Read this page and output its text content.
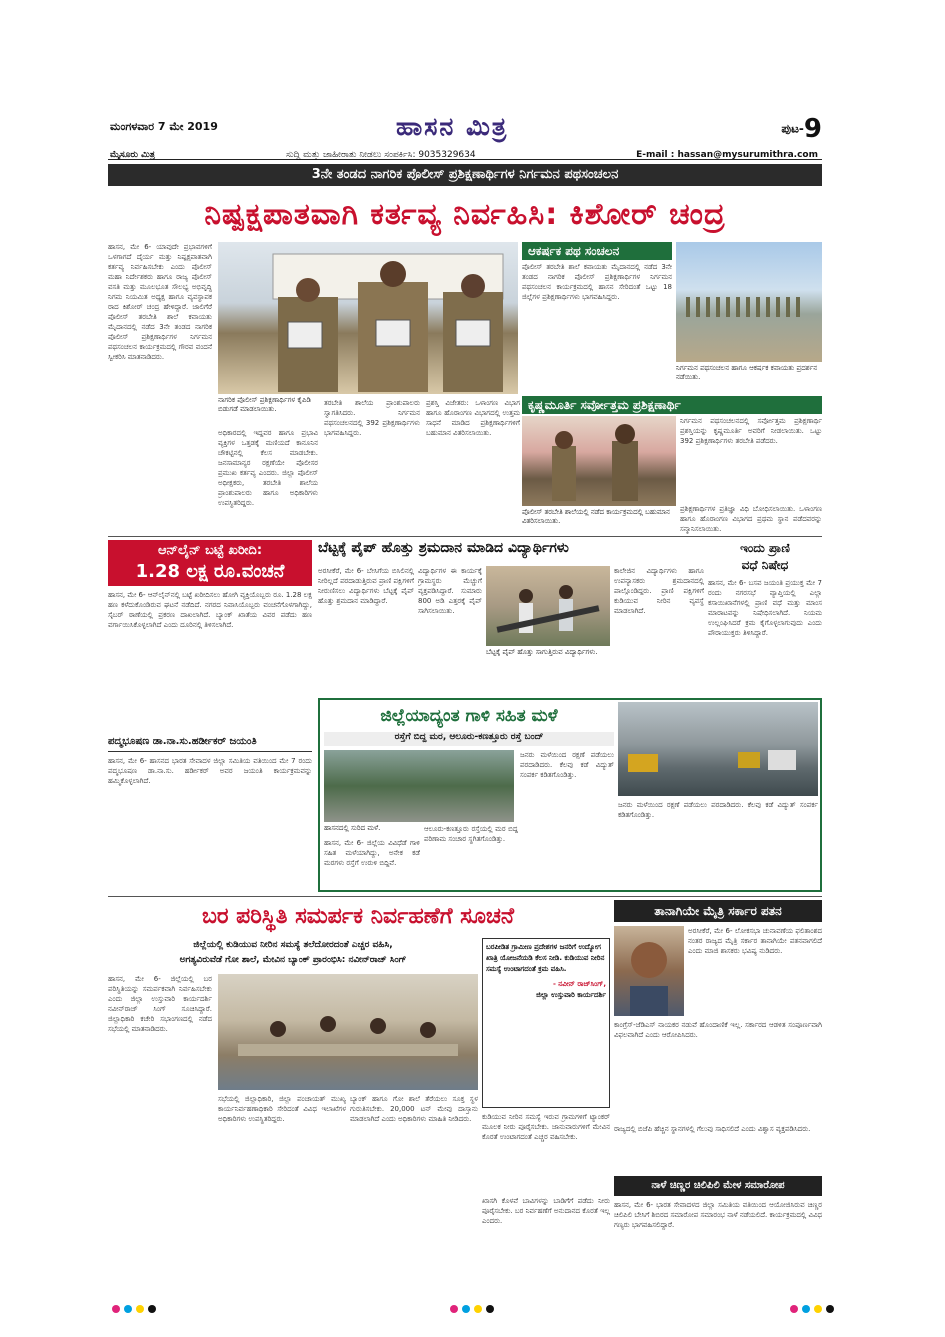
ಮಂಗಳವಾರ 7 ಮೇ 2019	ಹಾಸನ ಮಿತ್ರ	ಪುಟ-9
ಮೈಸೂರು ಮಿತ್ರ	ಸುದ್ದಿ ಮತ್ತು ಜಾಹೀರಾತು ನೀಡಲು ಸಂಪರ್ಕಿಸಿ: 9035329634	E-mail : hassan@mysurumithra.com
3ನೇ ತಂಡದ ನಾಗರಿಕ ಪೊಲೀಸ್ ಪ್ರಶಿಕ್ಷಣಾರ್ಥಿಗಳ ನಿರ್ಗಮನ ಪಥಸಂಚಲನ
ನಿಷ್ಪಕ್ಷಪಾತವಾಗಿ ಕರ್ತವ್ಯ ನಿರ್ವಹಿಸಿ: ಕಿಶೋರ್ ಚಂದ್ರ
ಹಾಸನ, ಮೇ 6- ಯಾವುದೇ ಪ್ರಭಾವಗಳಿಗೆ ಒಳಗಾಗದೆ ದೈರ್ಯ ಮತ್ತು ನಿಷ್ಪಕ್ಷಪಾತವಾಗಿ ಕರ್ತವ್ಯ ನಿರ್ವಹಿಸಬೇಕು ಎಂದು ಪೊಲೀಸ್ ಮಹಾ ನಿರ್ದೇಶಕರು ಹಾಗೂ ರಾಜ್ಯ ಪೊಲೀಸ್ ವಸತಿ ಮತ್ತು ಮೂಲಭೂತ ಸೌಲಭ್ಯ ಅಭಿವೃದ್ಧಿ ನಿಗಮ ನಿಯಮಿತ ಅಧ್ಯಕ್ಷ ಹಾಗೂ ವ್ಯವಸ್ಥಾಪಕ ರಾದ ಕಿಶೋರ್ ಚಂದ್ರ ಹೇಳಿದ್ದಾರೆ. ಜಾಲಿಗೆರೆ ಪೊಲೀಸ್ ತರಬೇತಿ ಶಾಲೆ ಕವಾಯತು ಮೈದಾನದಲ್ಲಿ ನಡೆದ 3ನೇ ತಂಡದ ನಾಗರಿಕ ಪೊಲೀಸ್ ಪ್ರಶಿಕ್ಷಣಾರ್ಥಿಗಳ ನಿರ್ಗಮನ ಪಥಸಂಚಲನ ಕಾರ್ಯಕ್ರಮದಲ್ಲಿ ಗೌರವ ವಂದನೆ ಸ್ವೀಕರಿಸಿ ಮಾತನಾಡಿದರು.
ನಾಗರಿಕ ಪೊಲೀಸ್ ಪ್ರಶಿಕ್ಷಣಾರ್ಥಿಗಳ ಕೈಪಿಡಿ ಬಿಡುಗಡೆ ಮಾಡಲಾಯಿತು.
ಅಧಿಕಾರದಲ್ಲಿ ಇದ್ದವರ ಹಾಗೂ ಪ್ರಭಾವಿ ವ್ಯಕ್ತಿಗಳ ಒತ್ತಡಕ್ಕೆ ಮಣಿಯದೆ ಕಾನೂನಿನ ಚೌಕಟ್ಟಿನಲ್ಲಿ ಕೆಲಸ ಮಾಡಬೇಕು. ಜನಸಾಮಾನ್ಯರ ರಕ್ಷಣೆಯೇ ಪೊಲೀಸರ ಪ್ರಮುಖ ಕರ್ತವ್ಯ ಎಂದರು. ಜಿಲ್ಲಾ ಪೊಲೀಸ್ ಅಧೀಕ್ಷಕರು, ತರಬೇತಿ ಶಾಲೆಯ ಪ್ರಾಂಶುಪಾಲರು ಹಾಗೂ ಅಧಿಕಾರಿಗಳು ಉಪಸ್ಥಿತರಿದ್ದರು.
ತರಬೇತಿ ಶಾಲೆಯ ಪ್ರಾಂಶುಪಾಲರು ಸ್ವಾಗತಿಸಿದರು. ನಿರ್ಗಮನ ಪಥಸಂಚಲನದಲ್ಲಿ 392 ಪ್ರಶಿಕ್ಷಣಾರ್ಥಿಗಳು ಭಾಗವಹಿಸಿದ್ದರು.
ಪ್ರಶಸ್ತಿ ವಿಜೇತರು: ಒಳಾಂಗಣ ವಿಭಾಗ ಹಾಗೂ ಹೊರಾಂಗಣ ವಿಭಾಗದಲ್ಲಿ ಉತ್ತಮ ಸಾಧನೆ ಮಾಡಿದ ಪ್ರಶಿಕ್ಷಣಾರ್ಥಿಗಳಿಗೆ ಬಹುಮಾನ ವಿತರಿಸಲಾಯಿತು.
ಆಕರ್ಷಕ ಪಥ ಸಂಚಲನ
ಪೊಲೀಸ್ ತರಬೇತಿ ಶಾಲೆ ಕವಾಯತು ಮೈದಾನದಲ್ಲಿ ನಡೆದ 3ನೇ ತಂಡದ ನಾಗರಿಕ ಪೊಲೀಸ್ ಪ್ರಶಿಕ್ಷಣಾರ್ಥಿಗಳ ನಿರ್ಗಮನ ಪಥಸಂಚಲನ ಕಾರ್ಯಕ್ರಮದಲ್ಲಿ ಹಾಸನ ಸೇರಿದಂತೆ ಒಟ್ಟು 18 ಜಿಲ್ಲೆಗಳ ಪ್ರಶಿಕ್ಷಣಾರ್ಥಿಗಳು ಭಾಗವಹಿಸಿದ್ದರು.
ನಿರ್ಗಮನ ಪಥಸಂಚಲನ ಹಾಗೂ ಆಕರ್ಷಕ ಕವಾಯತು ಪ್ರದರ್ಶನ ನಡೆಯಿತು.
ಕೃಷ್ಣಮೂರ್ತಿ ಸರ್ವೋತ್ತಮ ಪ್ರಶಿಕ್ಷಣಾರ್ಥಿ
ಪೊಲೀಸ್ ತರಬೇತಿ ಶಾಲೆಯಲ್ಲಿ ನಡೆದ ಕಾರ್ಯಕ್ರಮದಲ್ಲಿ ಬಹುಮಾನ ವಿತರಿಸಲಾಯಿತು.
ನಿರ್ಗಮನ ಪಥಸಂಚಲನದಲ್ಲಿ ಸರ್ವೋತ್ತಮ ಪ್ರಶಿಕ್ಷಣಾರ್ಥಿ ಪ್ರಶಸ್ತಿಯನ್ನು ಕೃಷ್ಣಮೂರ್ತಿ ಅವರಿಗೆ ನೀಡಲಾಯಿತು. ಒಟ್ಟು 392 ಪ್ರಶಿಕ್ಷಣಾರ್ಥಿಗಳು ತರಬೇತಿ ಪಡೆದರು.
ಪ್ರಶಿಕ್ಷಣಾರ್ಥಿಗಳ ಪ್ರತಿಜ್ಞಾ ವಿಧಿ ಬೋಧಿಸಲಾಯಿತು. ಒಳಾಂಗಣ ಹಾಗೂ ಹೊರಾಂಗಣ ವಿಭಾಗದ ಪ್ರಥಮ ಸ್ಥಾನ ಪಡೆದವರನ್ನು ಸನ್ಮಾನಿಸಲಾಯಿತು.
ಆನ್‌ಲೈನ್ ಬಟ್ಟೆ ಖರೀದಿ:
1.28 ಲಕ್ಷ ರೂ.ವಂಚನೆ
ಹಾಸನ, ಮೇ 6- ಆನ್‌ಲೈನ್‌ನಲ್ಲಿ ಬಟ್ಟೆ ಖರೀದಿಸಲು ಹೋಗಿ ವ್ಯಕ್ತಿಯೊಬ್ಬರು ರೂ. 1.28 ಲಕ್ಷ ಹಣ ಕಳೆದುಕೊಂಡಿರುವ ಘಟನೆ ನಡೆದಿದೆ. ನಗರದ ನಿವಾಸಿಯೊಬ್ಬರು ವಂಚನೆಗೊಳಗಾಗಿದ್ದು, ಸೈಬರ್ ಠಾಣೆಯಲ್ಲಿ ಪ್ರಕರಣ ದಾಖಲಾಗಿದೆ. ಬ್ಯಾಂಕ್ ಖಾತೆಯ ವಿವರ ಪಡೆದು ಹಣ ವರ್ಗಾಯಿಸಿಕೊಳ್ಳಲಾಗಿದೆ ಎಂದು ದೂರಿನಲ್ಲಿ ತಿಳಿಸಲಾಗಿದೆ.
ಪದ್ಮಭೂಷಣ ಡಾ.ನಾ.ಸು.ಹರ್ಡೀಕರ್ ಜಯಂತಿ
ಹಾಸನ, ಮೇ 6- ಹಾಸನದ ಭಾರತ ಸೇವಾದಳ ಜಿಲ್ಲಾ ಸಮಿತಿಯ ವತಿಯಿಂದ ಮೇ 7 ರಂದು ಪದ್ಮಭೂಷಣ ಡಾ.ನಾ.ಸು. ಹರ್ಡೀಕರ್ ಅವರ ಜಯಂತಿ ಕಾರ್ಯಕ್ರಮವನ್ನು ಹಮ್ಮಿಕೊಳ್ಳಲಾಗಿದೆ.
ಬೆಟ್ಟಕ್ಕೆ ಪೈಪ್ ಹೊತ್ತು ಶ್ರಮದಾನ ಮಾಡಿದ ವಿದ್ಯಾರ್ಥಿಗಳು
ಅರಸೀಕೆರೆ, ಮೇ 6- ಬೇಸಿಗೆಯ ಬಿಸಿಲಿನಲ್ಲಿ ನೀರಿಲ್ಲದೆ ಪರದಾಡುತ್ತಿರುವ ಪ್ರಾಣಿ ಪಕ್ಷಿಗಳಿಗೆ ನೀರುಣಿಸಲು ವಿದ್ಯಾರ್ಥಿಗಳು ಬೆಟ್ಟಕ್ಕೆ ಪೈಪ್ ಹೊತ್ತು ಶ್ರಮದಾನ ಮಾಡಿದ್ದಾರೆ.
ವಿದ್ಯಾರ್ಥಿಗಳ ಈ ಕಾರ್ಯಕ್ಕೆ ಗ್ರಾಮಸ್ಥರು ಮೆಚ್ಚುಗೆ ವ್ಯಕ್ತಪಡಿಸಿದ್ದಾರೆ. ಸುಮಾರು 800 ಅಡಿ ಎತ್ತರಕ್ಕೆ ಪೈಪ್ ಸಾಗಿಸಲಾಯಿತು.
ಬೆಟ್ಟಕ್ಕೆ ಪೈಪ್ ಹೊತ್ತು ಸಾಗುತ್ತಿರುವ ವಿದ್ಯಾರ್ಥಿಗಳು.
ಕಾಲೇಜಿನ ವಿದ್ಯಾರ್ಥಿಗಳು ಹಾಗೂ ಉಪನ್ಯಾಸಕರು ಶ್ರಮದಾನದಲ್ಲಿ ಪಾಲ್ಗೊಂಡಿದ್ದರು. ಪ್ರಾಣಿ ಪಕ್ಷಿಗಳಿಗೆ ಕುಡಿಯುವ ನೀರಿನ ವ್ಯವಸ್ಥೆ ಮಾಡಲಾಗಿದೆ.
ಇಂದು ಪ್ರಾಣಿ
ವಧೆ ನಿಷೇಧ
ಹಾಸನ, ಮೇ 6- ಬಸವ ಜಯಂತಿ ಪ್ರಯುಕ್ತ ಮೇ 7 ರಂದು ನಗರಸಭೆ ವ್ಯಾಪ್ತಿಯಲ್ಲಿ ಎಲ್ಲಾ ಕಸಾಯಿಖಾನೆಗಳಲ್ಲಿ ಪ್ರಾಣಿ ವಧೆ ಮತ್ತು ಮಾಂಸ ಮಾರಾಟವನ್ನು ನಿಷೇಧಿಸಲಾಗಿದೆ. ನಿಯಮ ಉಲ್ಲಂಘಿಸಿದರೆ ಕ್ರಮ ಕೈಗೊಳ್ಳಲಾಗುವುದು ಎಂದು ಪೌರಾಯುಕ್ತರು ತಿಳಿಸಿದ್ದಾರೆ.
ಜಿಲ್ಲೆಯಾದ್ಯಂತ ಗಾಳಿ ಸಹಿತ ಮಳೆ
ರಸ್ತೆಗೆ ಬಿದ್ದ ಮರ, ಆಲೂರು-ಕಣತ್ತೂರು ರಸ್ತೆ ಬಂದ್
ಹಾಸನದಲ್ಲಿ ಸುರಿದ ಮಳೆ.
ಹಾಸನ, ಮೇ 6- ಜಿಲ್ಲೆಯ ವಿವಿಧೆಡೆ ಗಾಳಿ ಸಹಿತ ಮಳೆಯಾಗಿದ್ದು, ಅನೇಕ ಕಡೆ ಮರಗಳು ರಸ್ತೆಗೆ ಉರುಳಿ ಬಿದ್ದಿವೆ.
ಆಲೂರು-ಕಣತ್ತೂರು ರಸ್ತೆಯಲ್ಲಿ ಮರ ಬಿದ್ದ ಪರಿಣಾಮ ಸಂಚಾರ ಸ್ಥಗಿತಗೊಂಡಿತ್ತು.
ಜನರು ಮಳೆಯಿಂದ ರಕ್ಷಣೆ ಪಡೆಯಲು ಪರದಾಡಿದರು. ಕೆಲವು ಕಡೆ ವಿದ್ಯುತ್ ಸಂಪರ್ಕ ಕಡಿತಗೊಂಡಿತ್ತು.
ಜನರು ಮಳೆಯಿಂದ ರಕ್ಷಣೆ ಪಡೆಯಲು ಪರದಾಡಿದರು. ಕೆಲವು ಕಡೆ ವಿದ್ಯುತ್ ಸಂಪರ್ಕ ಕಡಿತಗೊಂಡಿತ್ತು.
ಬರ ಪರಿಸ್ಥಿತಿ ಸಮರ್ಪಕ ನಿರ್ವಹಣೆಗೆ ಸೂಚನೆ	ತಾನಾಗಿಯೇ ಮೈತ್ರಿ ಸರ್ಕಾರ ಪತನ
ಜಿಲ್ಲೆಯಲ್ಲಿ ಕುಡಿಯುವ ನೀರಿನ ಸಮಸ್ಯೆ ತಲೆದೋರದಂತೆ ಎಚ್ಚರ ವಹಿಸಿ,
ಅಗತ್ಯವಿರುವೆಡೆ ಗೋ ಶಾಲೆ, ಮೇವಿನ ಬ್ಯಾಂಕ್ ಪ್ರಾರಂಭಿಸಿ: ನವೀನ್‌ರಾಜ್ ಸಿಂಗ್
ಹಾಸನ, ಮೇ 6- ಜಿಲ್ಲೆಯಲ್ಲಿ ಬರ ಪರಿಸ್ಥಿತಿಯನ್ನು ಸಮರ್ಪಕವಾಗಿ ನಿರ್ವಹಿಸಬೇಕು ಎಂದು ಜಿಲ್ಲಾ ಉಸ್ತುವಾರಿ ಕಾರ್ಯದರ್ಶಿ ನವೀನ್‌ರಾಜ್ ಸಿಂಗ್ ಸೂಚಿಸಿದ್ದಾರೆ. ಜಿಲ್ಲಾಧಿಕಾರಿ ಕಚೇರಿ ಸಭಾಂಗಣದಲ್ಲಿ ನಡೆದ ಸಭೆಯಲ್ಲಿ ಮಾತನಾಡಿದರು.
ಸಭೆಯಲ್ಲಿ ಜಿಲ್ಲಾಧಿಕಾರಿ, ಜಿಲ್ಲಾ ಪಂಚಾಯತ್ ಮುಖ್ಯ ಕಾರ್ಯನಿರ್ವಹಣಾಧಿಕಾರಿ ಸೇರಿದಂತೆ ವಿವಿಧ ಇಲಾಖೆಗಳ ಅಧಿಕಾರಿಗಳು ಉಪಸ್ಥಿತರಿದ್ದರು.
ಬ್ಯಾಂಕ್ ಹಾಗೂ ಗೋ ಶಾಲೆ ತೆರೆಯಲು ಸೂಕ್ತ ಸ್ಥಳ ಗುರುತಿಸಬೇಕು. 20,000 ಟನ್ ಮೇವು ದಾಸ್ತಾನು ಮಾಡಲಾಗಿದೆ ಎಂದು ಅಧಿಕಾರಿಗಳು ಮಾಹಿತಿ ನೀಡಿದರು.
ಬರಪೀಡಿತ ಗ್ರಾಮೀಣ ಪ್ರದೇಶಗಳ ಜನರಿಗೆ ಉದ್ಯೋಗ ಖಾತ್ರಿ ಯೋಜನೆಯಡಿ ಕೆಲಸ ನೀಡಿ. ಕುಡಿಯುವ ನೀರಿನ ಸಮಸ್ಯೆ ಉಂಟಾಗದಂತೆ ಕ್ರಮ ವಹಿಸಿ.
- ನವೀನ್ ರಾಜ್‌ಸಿಂಗ್,
ಜಿಲ್ಲಾ ಉಸ್ತುವಾರಿ ಕಾರ್ಯದರ್ಶಿ
ಕುಡಿಯುವ ನೀರಿನ ಸಮಸ್ಯೆ ಇರುವ ಗ್ರಾಮಗಳಿಗೆ ಟ್ಯಾಂಕರ್ ಮೂಲಕ ನೀರು ಪೂರೈಸಬೇಕು. ಜಾನುವಾರುಗಳಿಗೆ ಮೇವಿನ ಕೊರತೆ ಉಂಟಾಗದಂತೆ ಎಚ್ಚರ ವಹಿಸಬೇಕು.
ಖಾಸಗಿ ಕೊಳವೆ ಬಾವಿಗಳನ್ನು ಬಾಡಿಗೆಗೆ ಪಡೆದು ನೀರು ಪೂರೈಸಬೇಕು. ಬರ ನಿರ್ವಹಣೆಗೆ ಅನುದಾನದ ಕೊರತೆ ಇಲ್ಲ ಎಂದರು.
ಅರಸೀಕೆರೆ, ಮೇ 6- ಲೋಕಸಭಾ ಚುನಾವಣೆಯ ಫಲಿತಾಂಶದ ನಂತರ ರಾಜ್ಯದ ಮೈತ್ರಿ ಸರ್ಕಾರ ತಾನಾಗಿಯೇ ಪತನವಾಗಲಿದೆ ಎಂದು ಮಾಜಿ ಶಾಸಕರು ಭವಿಷ್ಯ ನುಡಿದರು.
ಕಾಂಗ್ರೆಸ್-ಜೆಡಿಎಸ್ ನಾಯಕರ ನಡುವೆ ಹೊಂದಾಣಿಕೆ ಇಲ್ಲ. ಸರ್ಕಾರದ ಆಡಳಿತ ಸಂಪೂರ್ಣವಾಗಿ ವಿಫಲವಾಗಿದೆ ಎಂದು ಆರೋಪಿಸಿದರು.
ರಾಜ್ಯದಲ್ಲಿ ಬಿಜೆಪಿ ಹೆಚ್ಚಿನ ಸ್ಥಾನಗಳಲ್ಲಿ ಗೆಲುವು ಸಾಧಿಸಲಿದೆ ಎಂದು ವಿಶ್ವಾಸ ವ್ಯಕ್ತಪಡಿಸಿದರು.
ನಾಳೆ ಚಿಣ್ಣರ ಚಿಲಿಪಿಲಿ ಮೇಳ ಸಮಾರೋಪ
ಹಾಸನ, ಮೇ 6- ಭಾರತ ಸೇವಾದಳದ ಜಿಲ್ಲಾ ಸಮಿತಿಯ ವತಿಯಿಂದ ಆಯೋಜಿಸಿರುವ ಚಿಣ್ಣರ ಚಿಲಿಪಿಲಿ ಬೇಸಿಗೆ ಶಿಬಿರದ ಸಮಾರೋಪ ಸಮಾರಂಭ ನಾಳೆ ನಡೆಯಲಿದೆ. ಕಾರ್ಯಕ್ರಮದಲ್ಲಿ ವಿವಿಧ ಗಣ್ಯರು ಭಾಗವಹಿಸಲಿದ್ದಾರೆ.
